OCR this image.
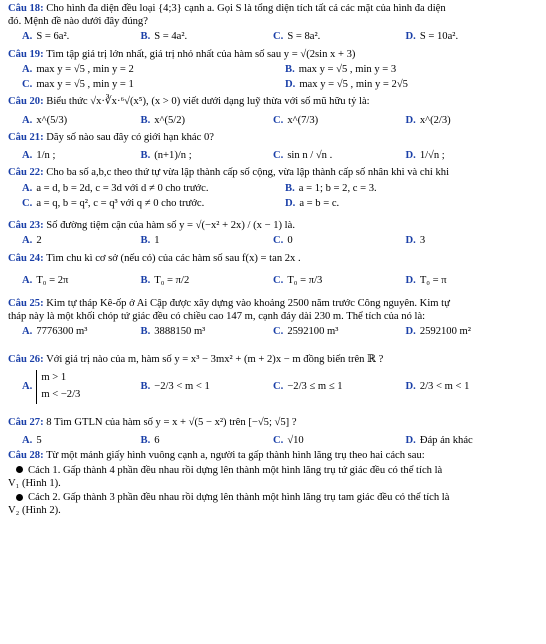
Câu 18: Cho hình đa diện đều loại {4;3} cạnh a. Gọi S là tổng diện tích tất cả các mặt của hình đa diện
đó. Mệnh đề nào dưới đây đúng?
A. S = 6a².	B. S = 4a².	C. S = 8a².	D. S = 10a².
Câu 19: Tìm tập giá trị lớn nhất, giá trị nhỏ nhất của hàm số sau y = √(2sin x + 3)
A. max y = √5 , min y = 2	B. max y = √5 , min y = 3
C. max y = √5 , min y = 1	D. max y = √5 , min y = 2√5
Câu 20: Biểu thức √x·∛x·⁶√(x⁵), (x > 0) viết dưới dạng luỹ thừa với số mũ hữu tỷ là:
A. x^(5/3)	B. x^(5/2)	C. x^(7/3)	D. x^(2/3)
Câu 21: Dãy số nào sau đây có giới hạn khác 0?
A. 1/n ;	B. (n+1)/n ;	C. sin n / √n .	D. 1/√n ;
Câu 22: Cho ba số a,b,c theo thứ tự vừa lập thành cấp số cộng, vừa lập thành cấp số nhân khi và chỉ khi
A. a = d, b = 2d, c = 3d với d ≠ 0 cho trước.	B. a = 1; b = 2, c = 3.
C. a = q, b = q², c = q³ với q ≠ 0 cho trước.	D. a = b = c.
Câu 23: Số đường tiệm cận của hàm số y = √(−x² + 2x) / (x − 1) là.
A. 2	B. 1	C. 0	D. 3
Câu 24: Tìm chu kì cơ sở (nếu có) của các hàm số sau f(x) = tan 2x .
A. T₀ = 2π	B. T₀ = π/2	C. T₀ = π/3	D. T₀ = π
Câu 25: Kim tự tháp Kê-ốp ở Ai Cập được xây dựng vào khoảng 2500 năm trước Công nguyên. Kim tự
tháp này là một khối chóp tứ giác đều có chiều cao 147 m, cạnh đáy dài 230 m. Thể tích của nó là:
A. 7776300 m³	B. 3888150 m³	C. 2592100 m³	D. 2592100 m²
Câu 26: Với giá trị nào của m, hàm số y = x³ − 3mx² + (m + 2)x − m đồng biến trên ℝ ?
A.m > 1
m < −2/3
B. −2/3 < m < 1	C. −2/3 ≤ m ≤ 1	D. 2/3 < m < 1
Câu 27: 8 Tìm GTLN của hàm số y = x + √(5 − x²) trên [−√5; √5] ?
A. 5	B. 6	C. √10	D. Đáp án khác
Câu 28: Từ một mảnh giấy hình vuông cạnh a, người ta gấp thành hình lăng trụ theo hai cách sau:
Cách 1. Gấp thành 4 phần đều nhau rồi dựng lên thành một hình lăng trụ tứ giác đều có thể tích là
V₁ (Hình 1).
Cách 2. Gấp thành 3 phần đều nhau rồi dựng lên thành một hình lăng trụ tam giác đều có thể tích là
V₂ (Hình 2).
